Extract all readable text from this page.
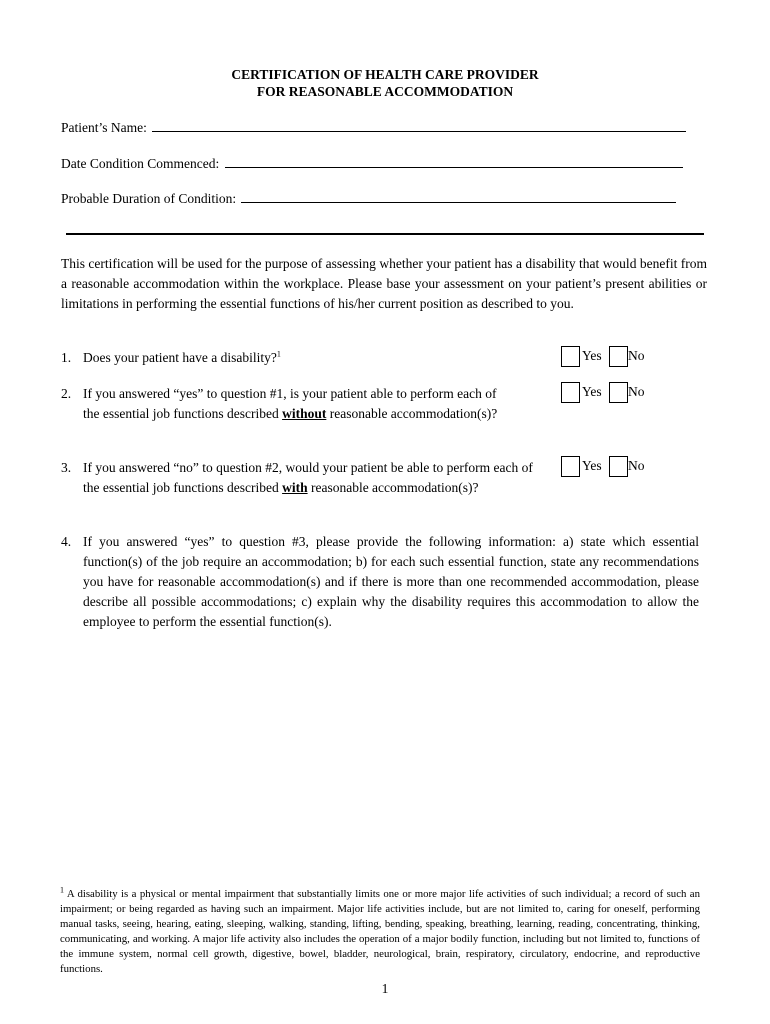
CERTIFICATION OF HEALTH CARE PROVIDER
FOR REASONABLE ACCOMMODATION
Patient’s Name:
Date Condition Commenced:
Probable Duration of Condition:
This certification will be used for the purpose of assessing whether your patient has a disability that would benefit from a reasonable accommodation within the workplace. Please base your assessment on your patient’s present abilities or limitations in performing the essential functions of his/her current position as described to you.
1. Does your patient have a disability?$^1$	Yes No
2. If you answered “yes” to question #1, is your patient able to perform each of the essential job functions described without reasonable accommodation(s)?
Yes No
3. If you answered “no” to question #2, would your patient be able to perform each of the essential job functions described with reasonable accommodation(s)?
Yes No
4. If you answered “yes” to question #3, please provide the following information: a) state which essential function(s) of the job require an accommodation; b) for each such essential function, state any recommendations you have for reasonable accommodation(s) and if there is more than one recommended accommodation, please describe all possible accommodations; c) explain why the disability requires this accommodation to allow the employee to perform the essential function(s).
$^1$ A disability is a physical or mental impairment that substantially limits one or more major life activities of such individual; a record of such an impairment; or being regarded as having such an impairment. Major life activities include, but are not limited to, caring for oneself, performing manual tasks, seeing, hearing, eating, sleeping, walking, standing, lifting, bending, speaking, breathing, learning, reading, concentrating, thinking, communicating, and working. A major life activity also includes the operation of a major bodily function, including but not limited to, functions of the immune system, normal cell growth, digestive, bowel, bladder, neurological, brain, respiratory, circulatory, endocrine, and reproductive functions.
1
